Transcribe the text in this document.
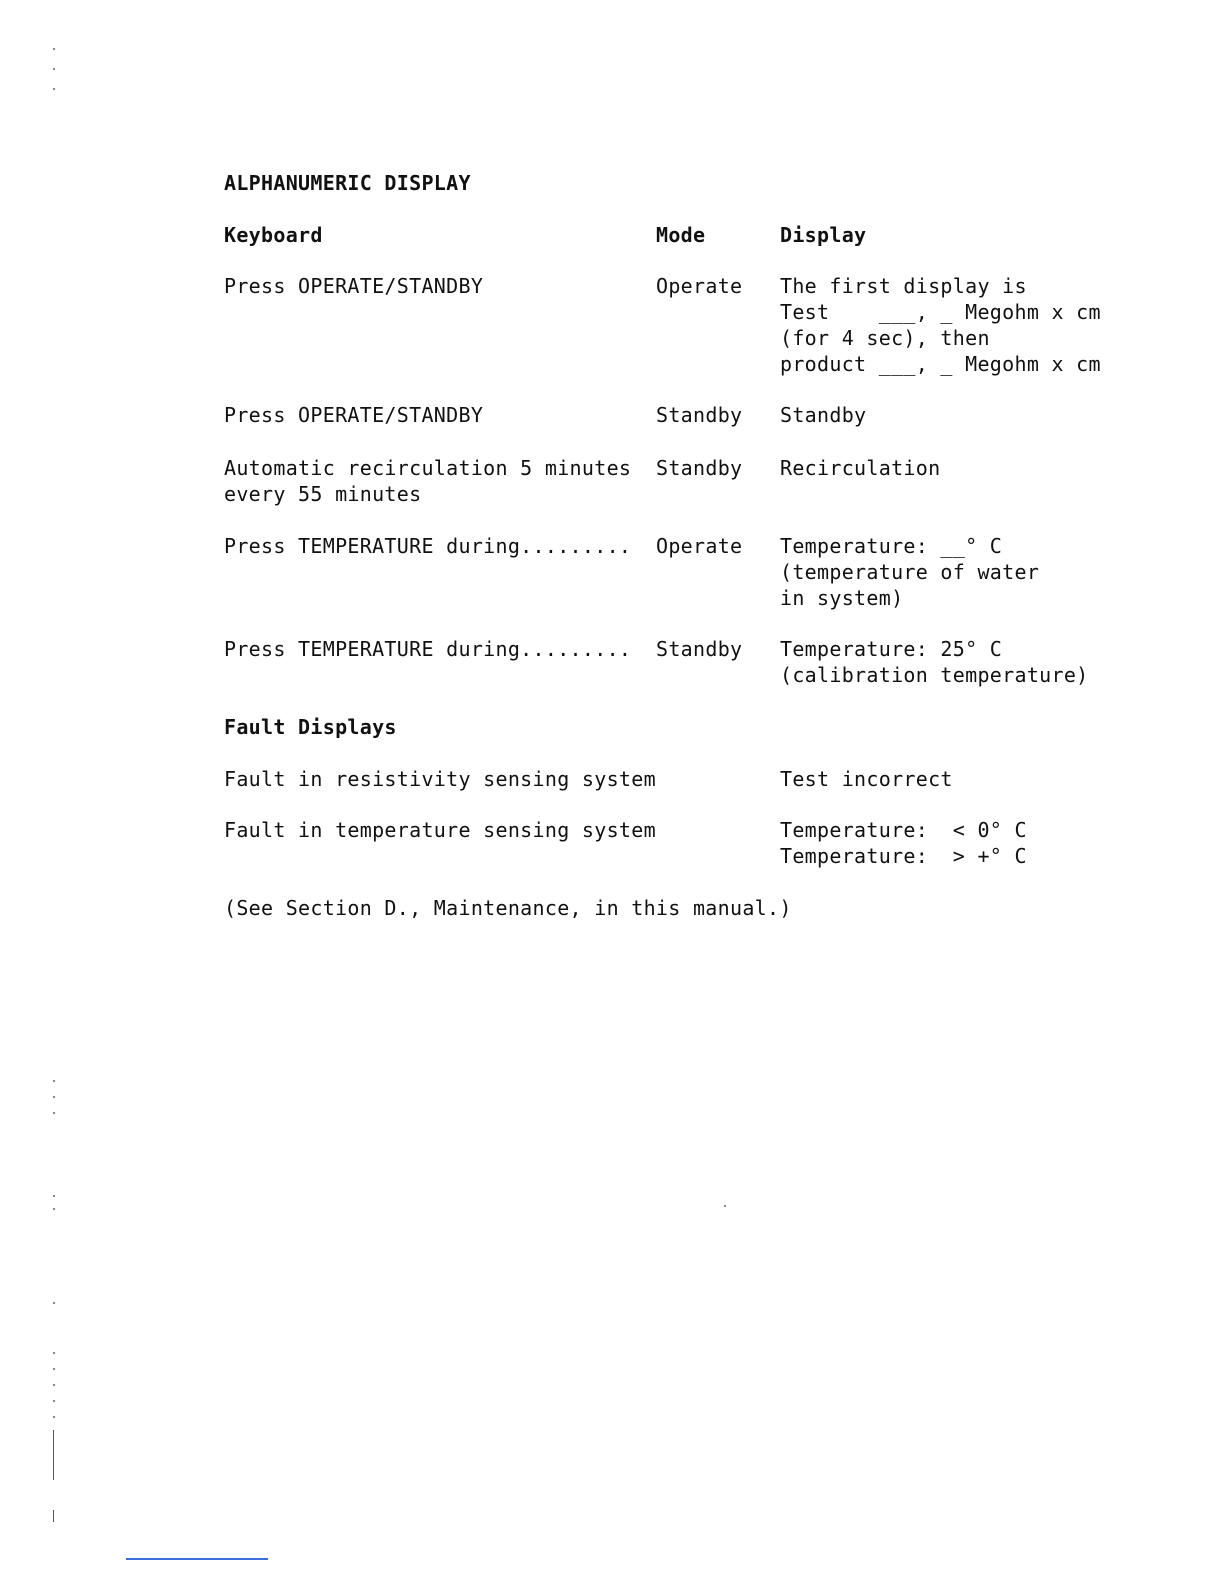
ALPHANUMERIC DISPLAY
Keyboard	Mode	Display
Press OPERATE/STANDBY	Operate The first display is
Test    ___, _ Megohm x cm
(for 4 sec), then
product ___, _ Megohm x cm
Press OPERATE/STANDBY	Standby Standby
Automatic recirculation 5 minutes
every 55 minutes
Standby Recirculation
Press TEMPERATURE during......... Operate Temperature: __° C
(temperature of water
in system)
Press TEMPERATURE during......... Standby Temperature: 25° C
(calibration temperature)
Fault Displays
Fault in resistivity sensing system	Test incorrect
Fault in temperature sensing system	Temperature:  < 0° C
Temperature:  > +° C
(See Section D., Maintenance, in this manual.)
